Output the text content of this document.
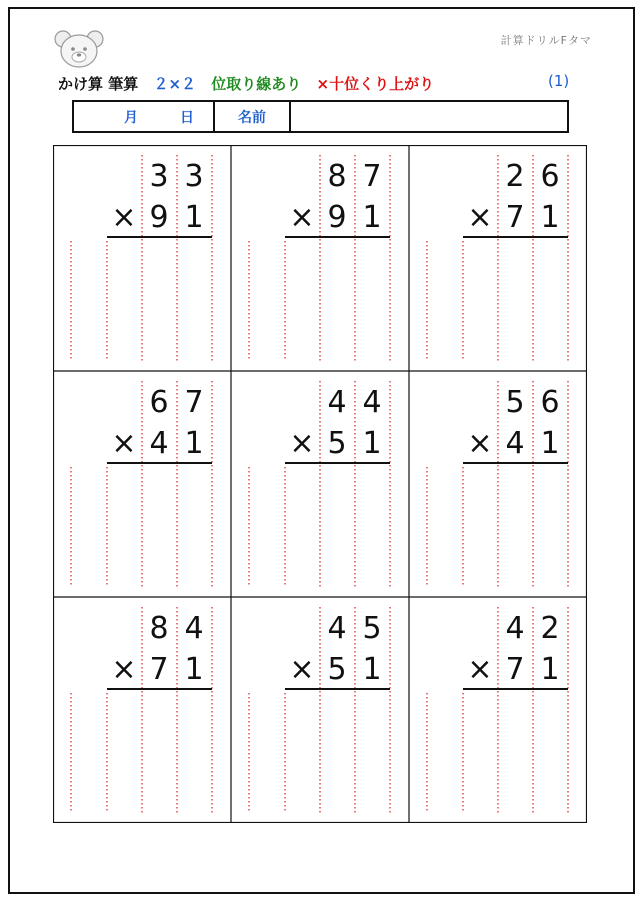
計算ドリルFタマ
かけ算 筆算 ２×２ 位取り線あり ×十位くり上がり	(1)
月	日	名前
3 3
× 9 1
8 7
× 9 1
2 6
× 7 1
6 7
× 4 1
4 4
× 5 1
5 6
× 4 1
8 4
× 7 1
4 5
× 5 1
4 2
× 7 1
